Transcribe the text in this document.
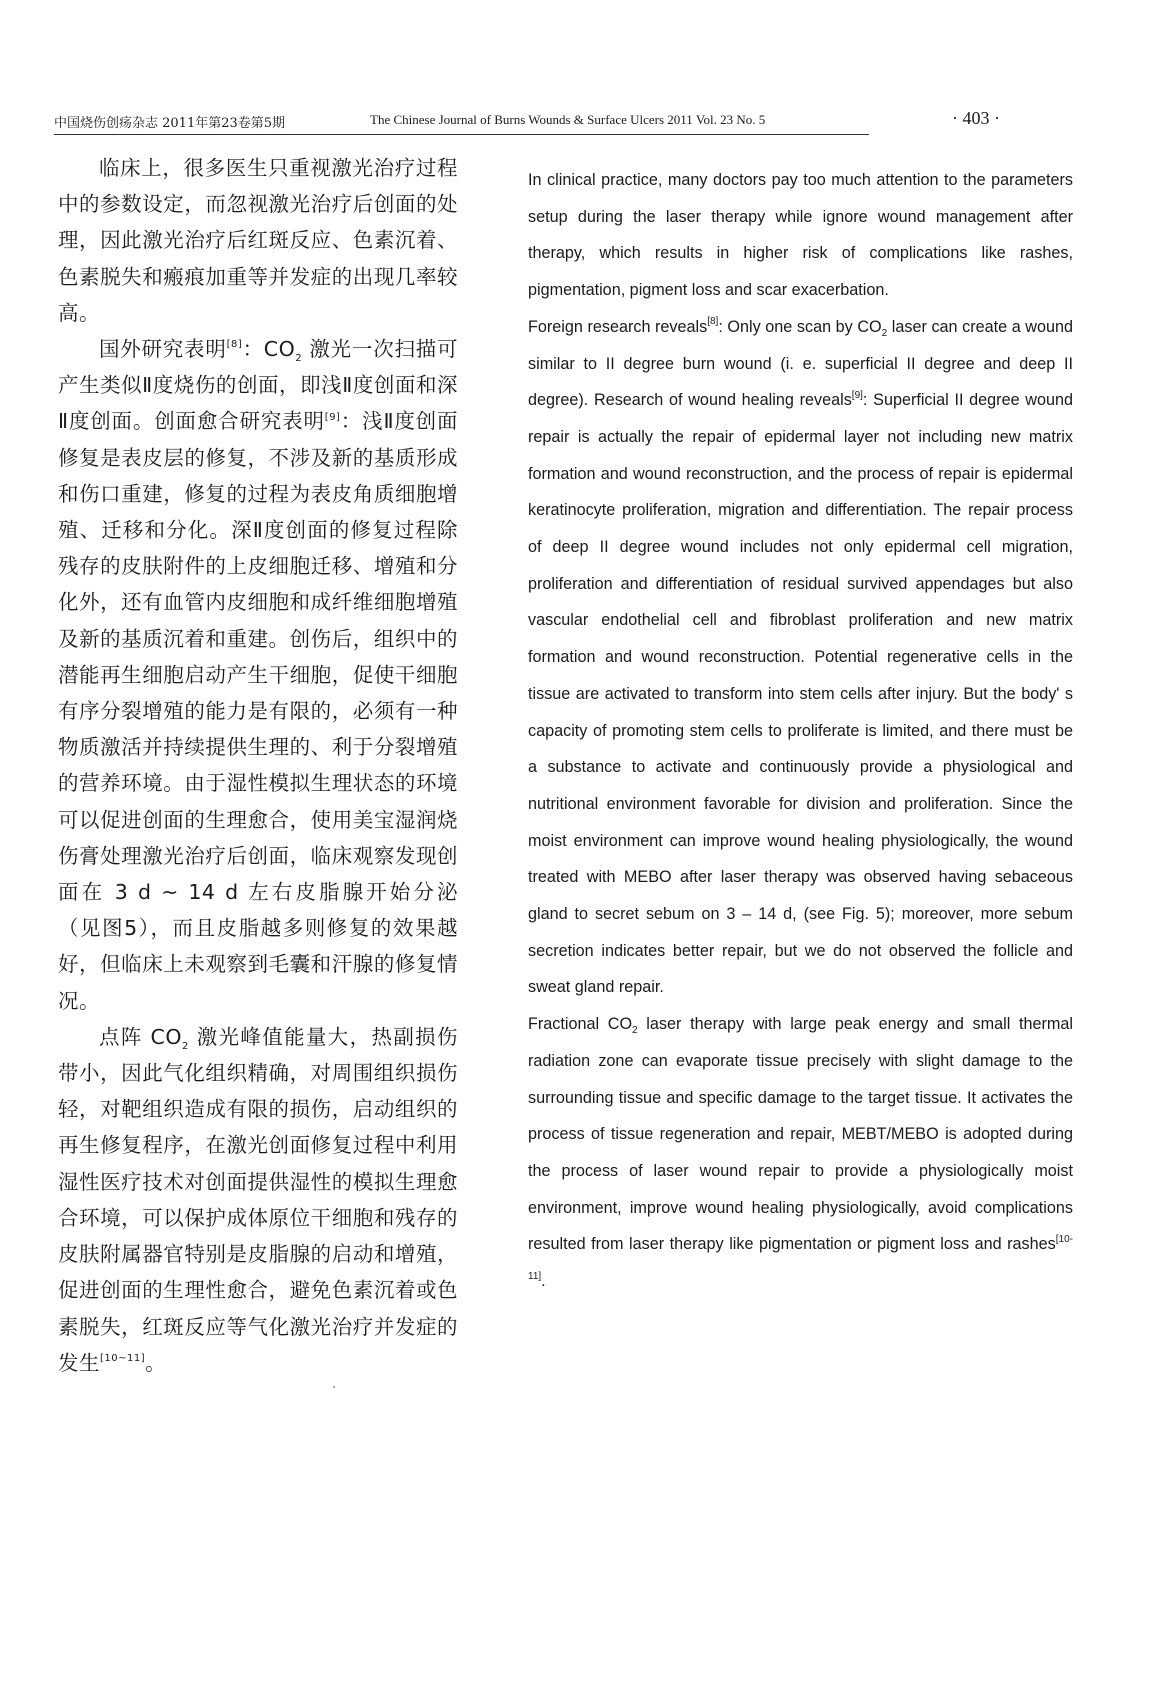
中国烧伤创疡杂志 2011年第23卷第5期	The Chinese Journal of Burns Wounds & Surface Ulcers 2011 Vol. 23 No. 5	· 403 ·

临床上，很多医生只重视激光治疗过程中的参数设定，而忽视激光治疗后创面的处理，因此激光治疗后红斑反应、色素沉着、色素脱失和瘢痕加重等并发症的出现几率较高。

国外研究表明[8]：$CO_2$ 激光一次扫描可产生类似Ⅱ度烧伤的创面，即浅Ⅱ度创面和深Ⅱ度创面。创面愈合研究表明[9]：浅Ⅱ度创面修复是表皮层的修复，不涉及新的基质形成和伤口重建，修复的过程为表皮角质细胞增殖、迁移和分化。深Ⅱ度创面的修复过程除残存的皮肤附件的上皮细胞迁移、增殖和分化外，还有血管内皮细胞和成纤维细胞增殖及新的基质沉着和重建。创伤后，组织中的潜能再生细胞启动产生干细胞，促使干细胞有序分裂增殖的能力是有限的，必须有一种物质激活并持续提供生理的、利于分裂增殖的营养环境。由于湿性模拟生理状态的环境可以促进创面的生理愈合，使用美宝湿润烧伤膏处理激光治疗后创面，临床观察发现创面在 3 d ~ 14 d 左右皮脂腺开始分泌（见图5），而且皮脂越多则修复的效果越好，但临床上未观察到毛囊和汗腺的修复情况。

点阵 $CO_2$ 激光峰值能量大，热副损伤带小，因此气化组织精确，对周围组织损伤轻，对靶组织造成有限的损伤，启动组织的再生修复程序，在激光创面修复过程中利用湿性医疗技术对创面提供湿性的模拟生理愈合环境，可以保护成体原位干细胞和残存的皮肤附属器官特别是皮脂腺的启动和增殖，促进创面的生理性愈合，避免色素沉着或色素脱失，红斑反应等气化激光治疗并发症的发生[10~11]。

In clinical practice, many doctors pay too much attention to the parameters setup during the laser therapy while ignore wound management after therapy, which results in higher risk of complications like rashes, pigmentation, pigment loss and scar exacerbation.

Foreign research reveals[8]: Only one scan by $CO_2$ laser can create a wound similar to II degree burn wound (i. e. superficial II degree and deep II degree). Research of wound healing reveals[9]: Superficial II degree wound repair is actually the repair of epidermal layer not including new matrix formation and wound reconstruction, and the process of repair is epidermal keratinocyte proliferation, migration and differentiation. The repair process of deep II degree wound includes not only epidermal cell migration, proliferation and differentiation of residual survived appendages but also vascular endothelial cell and fibroblast proliferation and new matrix formation and wound reconstruction. Potential regenerative cells in the tissue are activated to transform into stem cells after injury. But the body' s capacity of promoting stem cells to proliferate is limited, and there must be a substance to activate and continuously provide a physiological and nutritional environment favorable for division and proliferation. Since the moist environment can improve wound healing physiologically, the wound treated with MEBO after laser therapy was observed having sebaceous gland to secret sebum on 3 – 14 d, (see Fig. 5); moreover, more sebum secretion indicates better repair, but we do not observed the follicle and sweat gland repair.

Fractional $CO_2$ laser therapy with large peak energy and small thermal radiation zone can evaporate tissue precisely with slight damage to the surrounding tissue and specific damage to the target tissue. It activates the process of tissue regeneration and repair, MEBT/MEBO is adopted during the process of laser wound repair to provide a physiologically moist environment, improve wound healing physiologically, avoid complications resulted from laser therapy like pigmentation or pigment loss and rashes[10-11].
